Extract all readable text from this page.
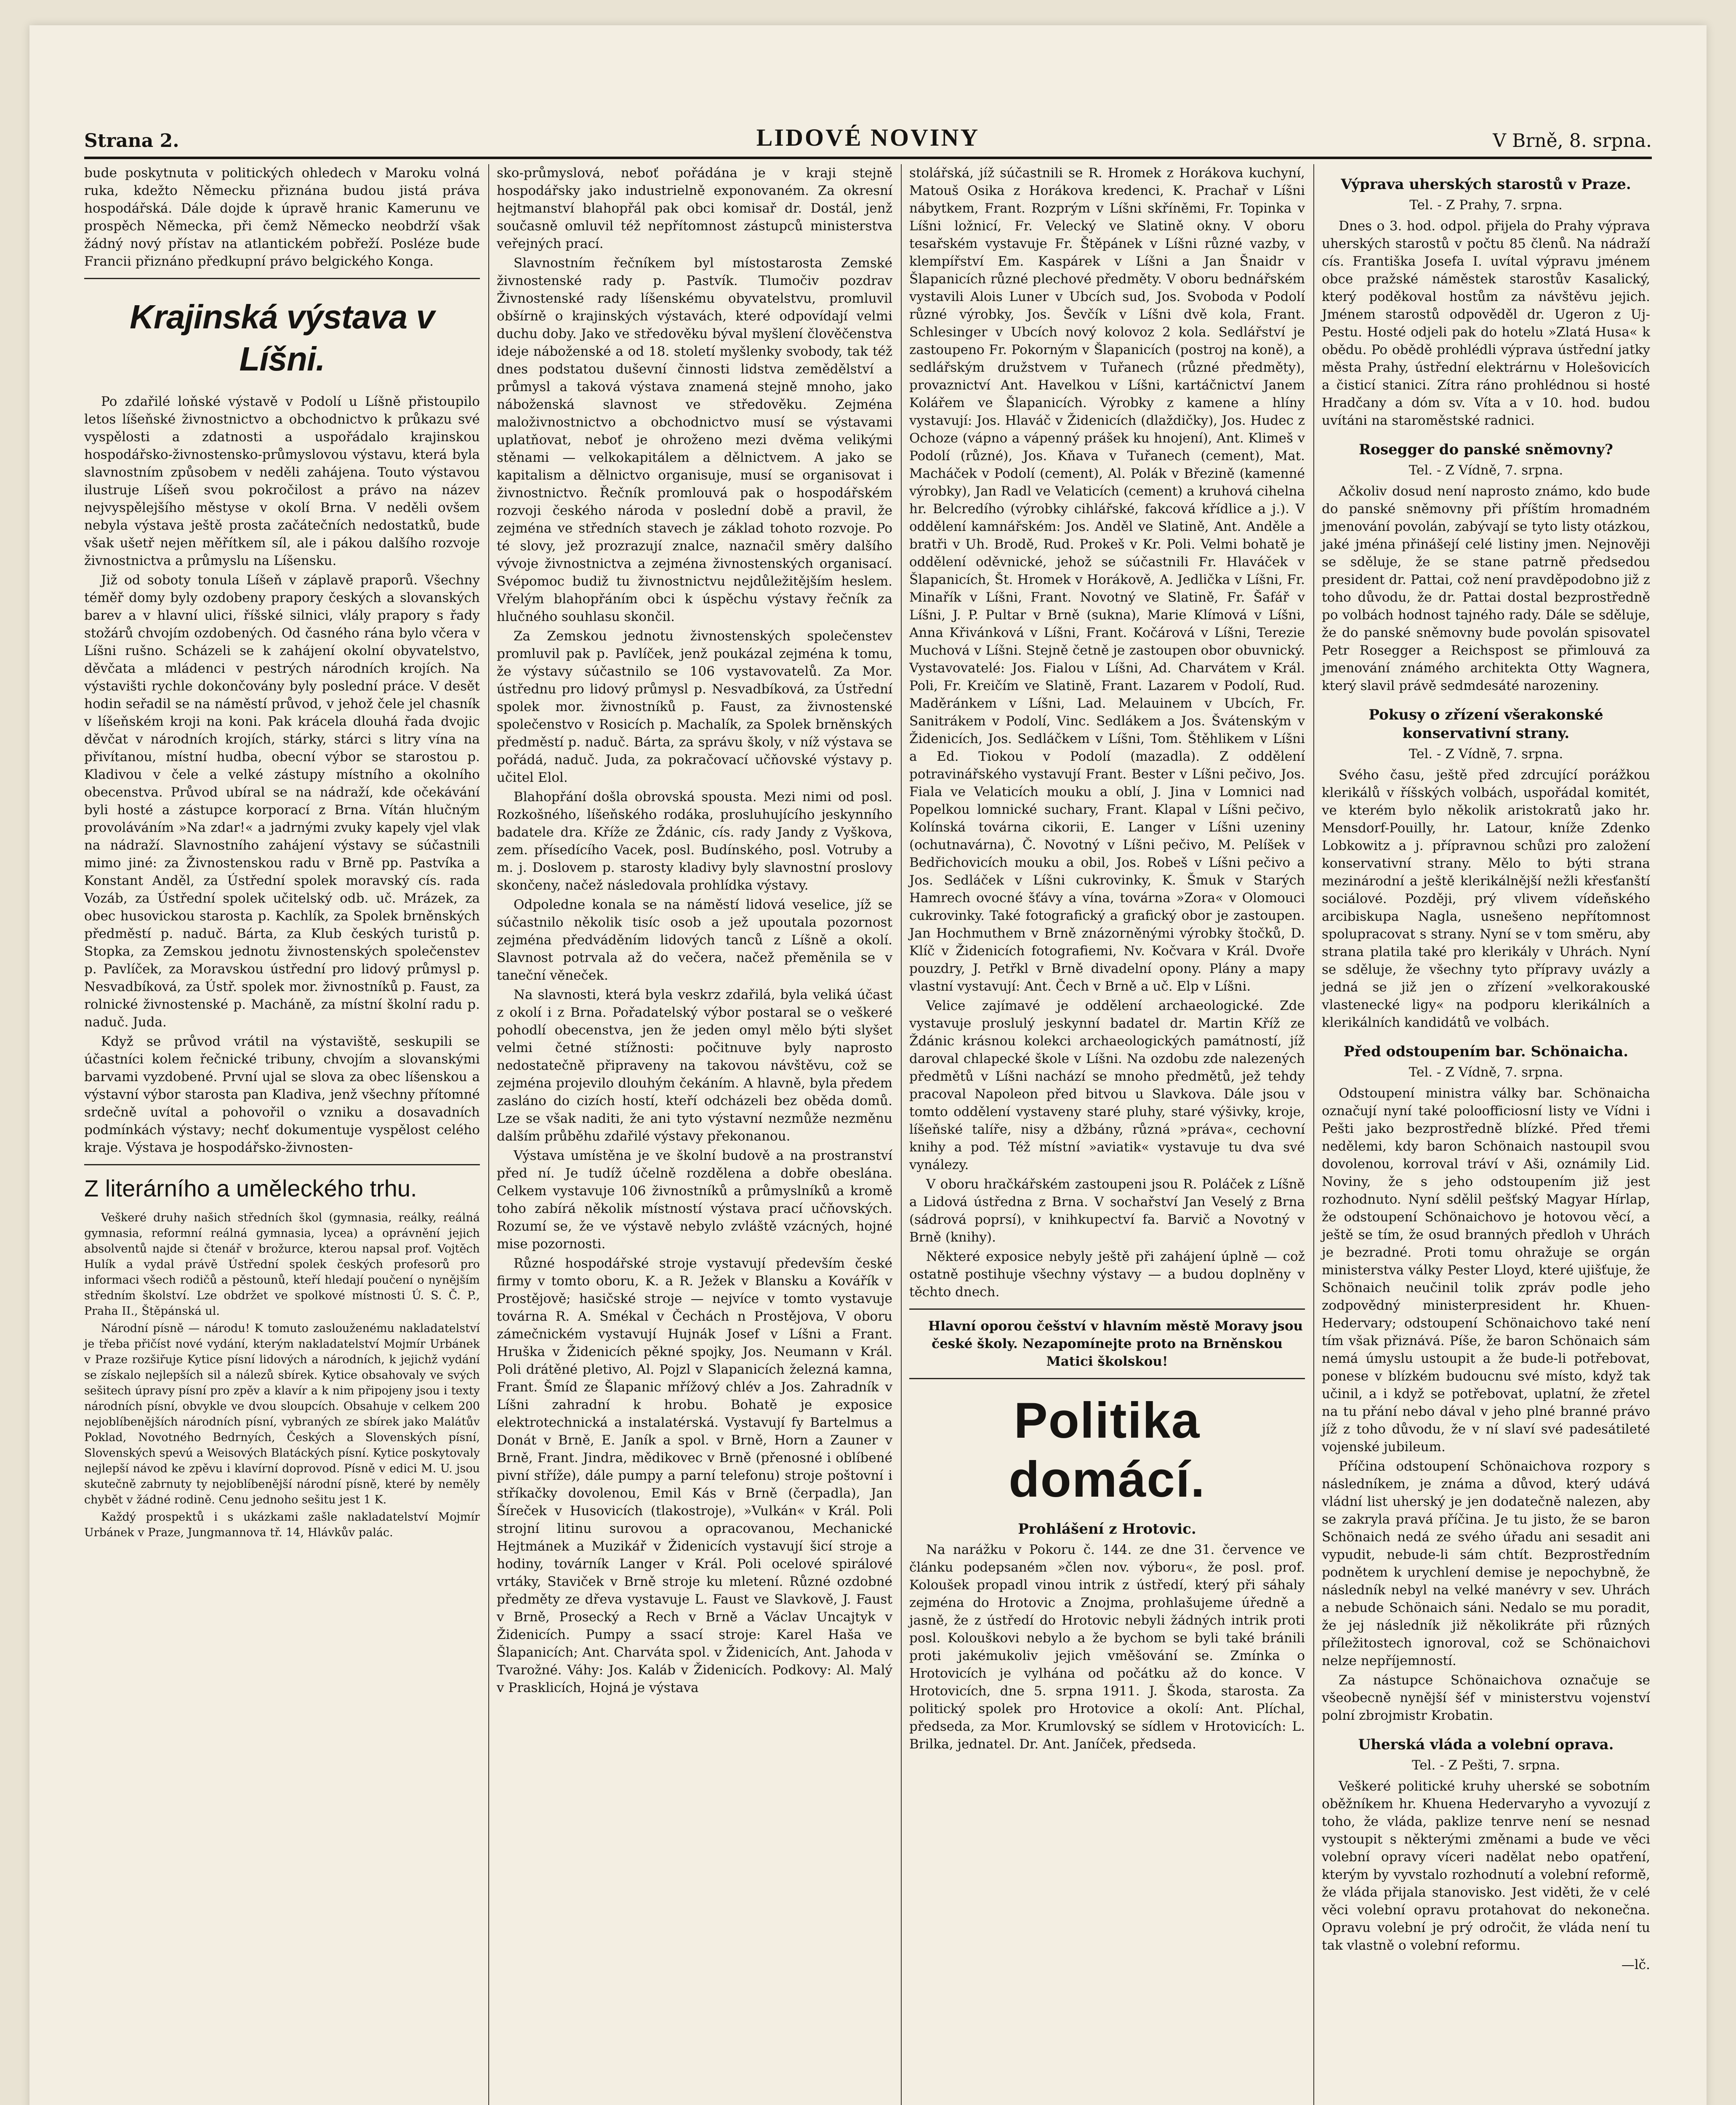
Strana 2.	LIDOVÉ NOVINY	V Brně, 8. srpna.

bude poskytnuta v politických ohledech v Maroku volná ruka, kdežto Německu přiznána budou jistá práva hospodářská. Dále dojde k úpravě hranic Kamerunu ve prospěch Německa, při čemž Německo neobdrží však žádný nový přístav na atlantickém pobřeží. Posléze bude Francii přiznáno předkupní právo belgického Konga.

Krajinská výstava v Líšni.

Po zdařilé loňské výstavě v Podolí u Líšně přistoupilo letos líšeňské živnostnictvo a obchodnictvo k průkazu své vyspělosti a zdatnosti a uspořádalo krajinskou hospodářsko-živnostensko-průmyslovou výstavu, která byla slavnostním způsobem v neděli zahájena. Touto výstavou ilustruje Líšeň svou pokročilost a právo na název nejvyspělejšího městyse v okolí Brna. V neděli ovšem nebyla výstava ještě prosta začátečních nedostatků, bude však ušetř nejen měřítkem síl, ale i pákou dalšího rozvoje živnostnictva a průmyslu na Líšensku.

Již od soboty tonula Líšeň v záplavě praporů. Všechny téměř domy byly ozdobeny prapory českých a slovanských barev a v hlavní ulici, říšské silnici, vlály prapory s řady stožárů chvojím ozdobených. Od časného rána bylo včera v Líšni rušno. Scházeli se k zahájení okolní obyvatelstvo, děvčata a mládenci v pestrých národních krojích. Na výstavišti rychle dokončovány byly poslední práce. V desět hodin seřadil se na náměstí průvod, v jehož čele jel chasník v líšeňském kroji na koni. Pak krácela dlouhá řada dvojic děvčat v národních krojích, stárky, stárci s litry vína na přivítanou, místní hudba, obecní výbor se starostou p. Kladivou v čele a velké zástupy místního a okolního obecenstva. Průvod ubíral se na nádraží, kde očekávání byli hosté a zástupce korporací z Brna. Vítán hlučným provoláváním »Na zdar!« a jadrnými zvuky kapely vjel vlak na nádraží. Slavnostního zahájení výstavy se súčastnili mimo jiné: za Živnostenskou radu v Brně pp. Pastvíka a Konstant Anděl, za Ústřední spolek moravský cís. rada Vozáb, za Ústřední spolek učitelský odb. uč. Mrázek, za obec husovickou starosta p. Kachlík, za Spolek brněnských předměstí p. naduč. Bárta, za Klub českých turistů p. Stopka, za Zemskou jednotu živnostenských společenstev p. Pavlíček, za Moravskou ústřední pro lidový průmysl p. Nesvadbíková, za Ústř. spolek mor. živnostníků p. Faust, za rolnické živnostenské p. Macháně, za místní školní radu p. naduč. Juda.

Když se průvod vrátil na výstaviště, seskupili se účastníci kolem řečnické tribuny, chvojím a slovanskými barvami vyzdobené. První ujal se slova za obec líšenskou a výstavní výbor starosta pan Kladiva, jenž všechny přítomné srdečně uvítal a pohovořil o vzniku a dosavadních podmínkách výstavy; nechť dokumentuje vyspělost celého kraje. Výstava je hospodářsko-živnosten-

Z literárního a uměleckého trhu.

Veškeré druhy našich středních škol (gymnasia, reálky, reálná gymnasia, reformní reálná gymnasia, lycea) a oprávnění jejich absolventů najde si čtenář v brožurce, kterou napsal prof. Vojtěch Hulík a vydal právě Ústřední spolek českých profesorů pro informaci všech rodičů a pěstounů, kteří hledají poučení o nynějším středním školství. Lze obdržet ve spolkové místnosti Ú. S. Č. P., Praha II., Štěpánská ul.

Národní písně — národu! K tomuto zaslouženému nakladatelství je třeba přičíst nové vydání, kterým nakladatelství Mojmír Urbánek v Praze rozšiřuje Kytice písní lidových a národních, k jejichž vydání se získalo nejlepších sil a nálezů sbírek. Kytice obsahovaly ve svých sešitech úpravy písní pro zpěv a klavír a k nim připojeny jsou i texty národních písní, obvykle ve dvou sloupcích. Obsahuje v celkem 200 nejoblíbenějších národních písní, vybraných ze sbírek jako Malátův Poklad, Novotného Bedrnyích, Českých a Slovenských písní, Slovenských spevú a Weisových Blatáckých písní. Kytice poskytovaly nejlepší návod ke zpěvu i klavírní doprovod. Písně v edici M. U. jsou skutečně zabrnuty ty nejoblíbenější národní písně, které by neměly chybět v žádné rodině. Cenu jednoho sešitu jest 1 K.

Každý prospektů i s ukázkami zašle nakladatelství Mojmír Urbánek v Praze, Jungmannova tř. 14, Hlávkův palác.

sko-průmyslová, neboť pořádána je v kraji stejně hospodářsky jako industrielně exponovaném. Za okresní hejtmanství blahopřál pak obci komisař dr. Dostál, jenž současně omluvil též nepřítomnost zástupců ministerstva veřejných prací.

Slavnostním řečníkem byl místostarosta Zemské živnostenské rady p. Pastvík. Tlumočiv pozdrav Živnostenské rady líšenskému obyvatelstvu, promluvil obšírně o krajinských výstavách, které odpovídají velmi duchu doby. Jako ve středověku býval myšlení člověčenstva ideje náboženské a od 18. století myšlenky svobody, tak též dnes podstatou duševní činnosti lidstva zemědělství a průmysl a taková výstava znamená stejně mnoho, jako náboženská slavnost ve středověku. Zejména maloživnostnictvo a obchodnictvo musí se výstavami uplatňovat, neboť je ohroženo mezi dvěma velikými stěnami — velkokapitálem a dělnictvem. A jako se kapitalism a dělnictvo organisuje, musí se organisovat i živnostnictvo. Řečník promlouvá pak o hospodářském rozvoji českého národa v poslední době a pravil, že zejména ve středních stavech je základ tohoto rozvoje. Po té slovy, jež prozrazují znalce, naznačil směry dalšího vývoje živnostnictva a zejména živnostenských organisací. Svépomoc budiž tu živnostnictvu nejdůležitějším heslem. Vřelým blahopřáním obci k úspěchu výstavy řečník za hlučného souhlasu skončil.

Za Zemskou jednotu živnostenských společenstev promluvil pak p. Pavlíček, jenž poukázal zejména k tomu, že výstavy súčastnilo se 106 vystavovatelů. Za Mor. ústřednu pro lidový průmysl p. Nesvadbíková, za Ústřední spolek mor. živnostníků p. Faust, za živnostenské společenstvo v Rosicích p. Machalík, za Spolek brněnských předměstí p. naduč. Bárta, za správu školy, v níž výstava se pořádá, naduč. Juda, za pokračovací učňovské výstavy p. učitel Elol.

Blahopřání došla obrovská spousta. Mezi nimi od posl. Rozkošného, líšeňského rodáka, prosluhujícího jeskynního badatele dra. Kříže ze Ždánic, cís. rady Jandy z Vyškova, zem. přísedícího Vacek, posl. Budínského, posl. Votruby a m. j. Doslovem p. starosty kladivy byly slavnostní proslovy skončeny, načež následovala prohlídka výstavy.

Odpoledne konala se na náměstí lidová veselice, jíž se súčastnilo několik tisíc osob a jež upoutala pozornost zejména předváděním lidových tanců z Líšně a okolí. Slavnost potrvala až do večera, načež přeměnila se v taneční věneček.

Na slavnosti, která byla veskrz zdařilá, byla veliká účast z okolí i z Brna. Pořadatelský výbor postaral se o veškeré pohodlí obecenstva, jen že jeden omyl mělo býti slyšet velmi četné stížnosti: počitnuve byly naprosto nedostatečně připraveny na takovou návštěvu, což se zejména projevilo dlouhým čekáním. A hlavně, byla předem zasláno do cizích hostí, kteří odcházeli bez oběda domů. Lze se však naditi, že ani tyto výstavní nezmůže nezměnu dalším průběhu zdařilé výstavy překonanou.

Výstava umístěna je ve školní budově a na prostranství před ní. Je tudíž účelně rozdělena a dobře obeslána. Celkem vystavuje 106 živnostníků a průmyslníků a kromě toho zabírá několik místností výstava prací učňovských. Rozumí se, že ve výstavě nebylo zvláště vzácných, hojné mise pozornosti.

Různé hospodářské stroje vystavují především české firmy v tomto oboru, K. a R. Ježek v Blansku a Kovářík v Prostějově; hasičské stroje — nejvíce v tomto vystavuje továrna R. A. Smékal v Čechách n Prostějova, V oboru zámečnickém vystavují Hujnák Josef v Líšni a Frant. Hruška v Židenicích pěkné spojky, Jos. Neumann v Král. Poli drátěné pletivo, Al. Pojzl v Slapanicích železná kamna, Frant. Šmíd ze Šlapanic mřížový chlév a Jos. Zahradník v Líšni zahradní k hrobu. Bohatě je exposice elektrotechnická a instalatérská. Vystavují fy Bartelmus a Donát v Brně, E. Janík a spol. v Brně, Horn a Zauner v Brně, Frant. Jindra, mědikovec v Brně (přenosné i oblíbené pivní stříže), dále pumpy a parní telefonu) stroje poštovní i stříkačky dovolenou, Emil Kás v Brně (čerpadla), Jan Šíreček v Husovicích (tlakostroje), »Vulkán« v Král. Poli strojní litinu surovou a opracovanou, Mechanické Hejtmánek a Muzikář v Židenicích vystavují šicí stroje a hodiny, továrník Langer v Král. Poli ocelové spirálové vrtáky, Staviček v Brně stroje ku mletení. Různé ozdobné předměty ze dřeva vystavuje L. Faust ve Slavkově, J. Faust v Brně, Prosecký a Rech v Brně a Václav Uncajtyk v Židenicích. Pumpy a ssací stroje: Karel Haša ve Šlapanicích; Ant. Charváta spol. v Židenicích, Ant. Jahoda v Tvarožné. Váhy: Jos. Kaláb v Židenicích. Podkovy: Al. Malý v Prasklicích, Hojná je výstava

stolářská, jíž súčastnili se R. Hromek z Horákova kuchyní, Matouš Osika z Horákova kredenci, K. Prachař v Líšni nábytkem, Frant. Rozprým v Líšni skříněmi, Fr. Topinka v Líšni ložnicí, Fr. Velecký ve Slatině okny. V oboru tesařském vystavuje Fr. Štěpánek v Líšni různé vazby, v klempířství Em. Kaspárek v Líšni a Jan Šnaidr v Šlapanicích různé plechové předměty. V oboru bednářském vystavili Alois Luner v Ubcích sud, Jos. Svoboda v Podolí různé výrobky, Jos. Ševčík v Líšni dvě kola, Frant. Schlesinger v Ubcích nový kolovoz 2 kola. Sedlářství je zastoupeno Fr. Pokorným v Šlapanicích (postroj na koně), a sedlářským družstvem v Tuřanech (různé předměty), provaznictví Ant. Havelkou v Líšni, kartáčnictví Janem Kolářem ve Šlapanicích. Výrobky z kamene a hlíny vystavují: Jos. Hlaváč v Židenicích (dlaždičky), Jos. Hudec z Ochoze (vápno a vápenný prášek ku hnojení), Ant. Klimeš v Podolí (různé), Jos. Kňava v Tuřanech (cement), Mat. Macháček v Podolí (cement), Al. Polák v Březině (kamenné výrobky), Jan Radl ve Velaticích (cement) a kruhová cihelna hr. Belcredího (výrobky cihlářské, fakcová křídlice a j.). V oddělení kamnářském: Jos. Anděl ve Slatině, Ant. Anděle a bratři v Uh. Brodě, Rud. Prokeš v Kr. Poli. Velmi bohatě je oddělení oděvnické, jehož se súčastnili Fr. Hlaváček v Šlapanicích, Št. Hromek v Horákově, A. Jedlička v Líšni, Fr. Minařík v Líšni, Frant. Novotný ve Slatině, Fr. Šafář v Líšni, J. P. Pultar v Brně (sukna), Marie Klímová v Líšni, Anna Křivánková v Líšni, Frant. Kočárová v Líšni, Terezie Muchová v Líšni. Stejně četně je zastoupen obor obuvnický. Vystavovatelé: Jos. Fialou v Líšni, Ad. Charvátem v Král. Poli, Fr. Kreičím ve Slatině, Frant. Lazarem v Podolí, Rud. Maděránkem v Líšni, Lad. Melauinem v Ubcích, Fr. Sanitrákem v Podolí, Vinc. Sedlákem a Jos. Švátenským v Židenicích, Jos. Sedláčkem v Líšni, Tom. Štěhlikem v Líšni a Ed. Tiokou v Podolí (mazadla). Z oddělení potravinářského vystavují Frant. Bester v Líšni pečivo, Jos. Fiala ve Velaticích mouku a oblí, J. Jina v Lomnici nad Popelkou lomnické suchary, Frant. Klapal v Líšni pečivo, Kolínská továrna cikorii, E. Langer v Líšni uzeniny (ochutnavárna), Č. Novotný v Líšni pečivo, M. Pelíšek v Bedřichovicích mouku a obil, Jos. Robeš v Líšni pečivo a Jos. Sedláček v Líšni cukrovinky, K. Šmuk v Starých Hamrech ovocné šťávy a vína, továrna »Zora« v Olomouci cukrovinky. Také fotografický a grafický obor je zastoupen. Jan Hochmuthem v Brně znázorněnými výrobky štočků, D. Klíč v Židenicích fotografiemi, Nv. Kočvara v Král. Dvoře pouzdry, J. Petřkl v Brně divadelní opony. Plány a mapy vlastní vystavují: Ant. Čech v Brně a uč. Elp v Líšni.

Velice zajímavé je oddělení archaeologické. Zde vystavuje proslulý jeskynní badatel dr. Martin Kříž ze Ždánic krásnou kolekci archaeologických památností, jíž daroval chlapecké škole v Líšni. Na ozdobu zde nalezených předmětů v Líšni nachází se mnoho předmětů, jež tehdy pracoval Napoleon před bitvou u Slavkova. Dále jsou v tomto oddělení vystaveny staré pluhy, staré výšivky, kroje, líšeňské talíře, nisy a džbány, různá »práva«, cechovní knihy a pod. Též místní »aviatik« vystavuje tu dva své vynálezy.

V oboru hračkářském zastoupeni jsou R. Poláček z Líšně a Lidová ústředna z Brna. V sochařství Jan Veselý z Brna (sádrová poprsí), v knihkupectví fa. Barvič a Novotný v Brně (knihy).

Některé exposice nebyly ještě při zahájení úplně — což ostatně postihuje všechny výstavy — a budou doplněny v těchto dnech.

Hlavní oporou češství v hlavním městě Moravy jsou české školy. Nezapomínejte proto na Brněnskou Matici školskou!

Politika domácí.
Prohlášení z Hrotovic.

Na narážku v Pokoru č. 144. ze dne 31. července ve článku podepsaném »člen nov. výboru«, že posl. prof. Koloušek propadl vinou intrik z ústředí, který při sáhaly zejména do Hrotovic a Znojma, prohlašujeme úředně a jasně, že z ústředí do Hrotovic nebyli žádných intrik proti posl. Kolouškovi nebylo a že bychom se byli také bránili proti jakémukoliv jejich vměšování se. Zmínka o Hrotovicích je vylhána od počátku až do konce. V Hrotovicích, dne 5. srpna 1911. J. Škoda, starosta. Za politický spolek pro Hrotovice a okolí: Ant. Plíchal, předseda, za Mor. Krumlovský se sídlem v Hrotovicích: L. Brilka, jednatel. Dr. Ant. Janíček, předseda.

Výprava uherských starostů v Praze.
Tel. - Z Prahy, 7. srpna.

Dnes o 3. hod. odpol. přijela do Prahy výprava uherských starostů v počtu 85 členů. Na nádraží cís. Františka Josefa I. uvítal výpravu jménem obce pražské náměstek starostův Kasalický, který poděkoval hostům za návštěvu jejich. Jménem starostů odpověděl dr. Ugeron z Uj-Pestu. Hosté odjeli pak do hotelu »Zlatá Husa« k obědu. Po obědě prohlédli výprava ústřední jatky města Prahy, ústřední elektrárnu v Holešovicích a čisticí stanici. Zítra ráno prohlédnou si hosté Hradčany a dóm sv. Víta a v 10. hod. budou uvítáni na staroměstské radnici.

Rosegger do panské sněmovny?
Tel. - Z Vídně, 7. srpna.

Ačkoliv dosud není naprosto známo, kdo bude do panské sněmovny při příštím hromadném jmenování povolán, zabývají se tyto listy otázkou, jaké jména přinášejí celé listiny jmen. Nejnověji se sděluje, že se stane patrně předsedou president dr. Pattai, což není pravděpodobno již z toho důvodu, že dr. Pattai dostal bezprostředně po volbách hodnost tajného rady. Dále se sděluje, že do panské sněmovny bude povolán spisovatel Petr Rosegger a Reichspost se přimlouvá za jmenování známého architekta Otty Wagnera, který slavil právě sedmdesáté narozeniny.

Pokusy o zřízení všerakonské konservativní strany.
Tel. - Z Vídně, 7. srpna.

Svého času, ještě před zdrcující porážkou klerikálů v říšských volbách, uspořádal komitét, ve kterém bylo několik aristokratů jako hr. Mensdorf-Pouilly, hr. Latour, kníže Zdenko Lobkowitz a j. přípravnou schůzi pro založení konservativní strany. Mělo to býti strana mezinárodní a ještě klerikálnější nežli křesťanští sociálové. Později, prý vlivem vídeňského arcibiskupa Nagla, usnešeno nepřítomnost spolupracovat s strany. Nyní se v tom směru, aby strana platila také pro klerikály v Uhrách. Nyní se sděluje, že všechny tyto přípravy uvázly a jedná se již jen o zřízení »velkorakouské vlastenecké ligy« na podporu klerikálních a klerikálních kandidátů ve volbách.

Před odstoupením bar. Schönaicha.
Tel. - Z Vídně, 7. srpna.

Odstoupení ministra války bar. Schönaicha označují nyní také poloofficiosní listy ve Vídni i Pešti jako bezprostředně blízké. Před třemi nedělemi, kdy baron Schönaich nastoupil svou dovolenou, korroval tráví v Aši, oznámily Lid. Noviny, že s jeho odstoupením již jest rozhodnuto. Nyní sdělil pešťský Magyar Hírlap, že odstoupení Schönaichovo je hotovou věcí, a ještě se tím, že osud branných předloh v Uhrách je bezradné. Proti tomu ohražuje se orgán ministerstva války Pester Lloyd, které ujišťuje, že Schönaich neučinil tolik zpráv podle jeho zodpovědný ministerpresident hr. Khuen-Hedervary; odstoupení Schönaichovo také není tím však přiznává. Píše, že baron Schönaich sám nemá úmyslu ustoupit a že bude-li potřebovat, ponese v blízkém budoucnu své místo, když tak učinil, a i když se potřebovat, uplatní, že zřetel na tu přání nebo dával v jeho plné branné právo jíž z toho důvodu, že v ní slaví své padesátileté vojenské jubileum.

Příčina odstoupení Schönaichova rozpory s následníkem, je známa a důvod, který udává vládní list uherský je jen dodatečně nalezen, aby se zakryla pravá příčina. Je tu jisto, že se baron Schönaich nedá ze svého úřadu ani sesadit ani vypudit, nebude-li sám chtít. Bezprostředním podnětem k urychlení demise je nepochybně, že následník nebyl na velké manévry v sev. Uhrách a nebude Schönaich sáni. Nedalo se mu poradit, že jej následník již několikráte při různých příležitostech ignoroval, což se Schönaichovi nelze nepříjemností.

Za nástupce Schönaichova označuje se všeobecně nynější šéf v ministerstvu vojenství polní zbrojmistr Krobatin.

Uherská vláda a volební oprava.
Tel. - Z Pešti, 7. srpna.

Veškeré politické kruhy uherské se sobotním oběžníkem hr. Khuena Hedervaryho a vyvozují z toho, že vláda, paklize tenrve není se nesnad vystoupit s některými změnami a bude ve věci volební opravy víceri nadělat nebo opatření, kterým by vyvstalo rozhodnutí a volební reformě, že vláda přijala stanovisko. Jest viděti, že v celé věci volební opravu protahovat do nekonečna. Opravu volební je prý odročit, že vláda není tu tak vlastně o volební reformu.

—lč.
